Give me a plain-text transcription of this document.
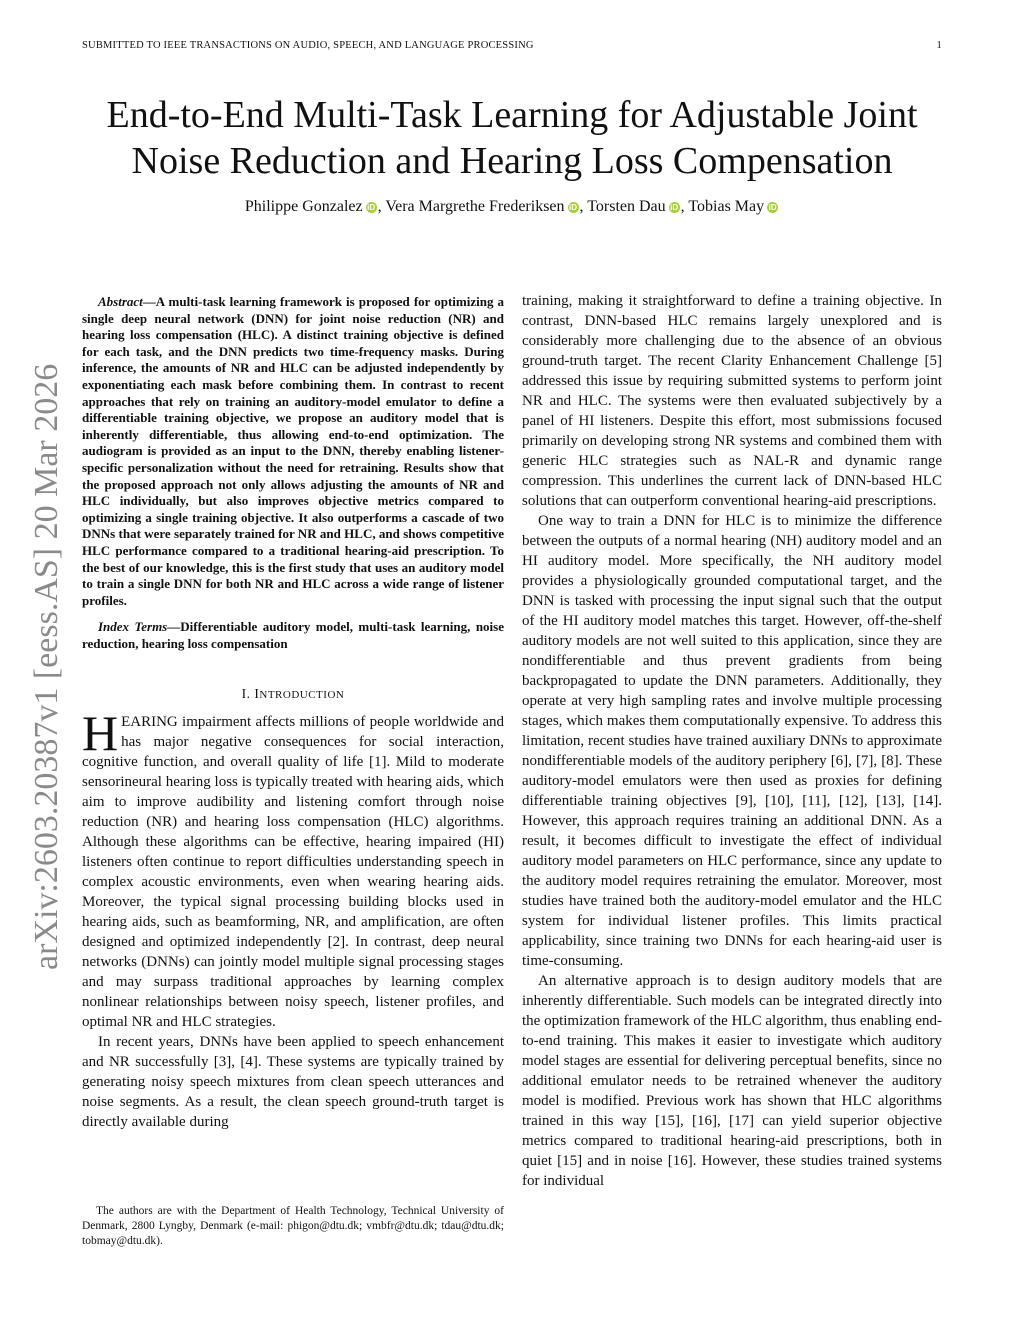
SUBMITTED TO IEEE TRANSACTIONS ON AUDIO, SPEECH, AND LANGUAGE PROCESSING	1
End-to-End Multi-Task Learning for Adjustable Joint
Noise Reduction and Hearing Loss Compensation
Philippe Gonzalez iD , Vera Margrethe Frederiksen iD , Torsten Dau iD , Tobias May iD
arXiv:2603.20387v1 [eess.AS] 20 Mar 2026

Abstract—A multi-task learning framework is proposed for optimizing a single deep neural network (DNN) for joint noise reduction (NR) and hearing loss compensation (HLC). A distinct training objective is defined for each task, and the DNN predicts two time-frequency masks. During inference, the amounts of NR and HLC can be adjusted independently by exponentiating each mask before combining them. In contrast to recent approaches that rely on training an auditory-model emulator to define a differentiable training objective, we propose an auditory model that is inherently differentiable, thus allowing end-to-end optimization. The audiogram is provided as an input to the DNN, thereby enabling listener-specific personalization without the need for retraining. Results show that the proposed approach not only allows adjusting the amounts of NR and HLC individually, but also improves objective metrics compared to optimizing a single training objective. It also outperforms a cascade of two DNNs that were separately trained for NR and HLC, and shows competitive HLC performance compared to a traditional hearing-aid prescription. To the best of our knowledge, this is the first study that uses an auditory model to train a single DNN for both NR and HLC across a wide range of listener profiles.

Index Terms—Differentiable auditory model, multi-task learning, noise reduction, hearing loss compensation

I. INTRODUCTION

HEARING impairment affects millions of people worldwide and has major negative consequences for social interaction, cognitive function, and overall quality of life [1]. Mild to moderate sensorineural hearing loss is typically treated with hearing aids, which aim to improve audibility and listening comfort through noise reduction (NR) and hearing loss compensation (HLC) algorithms. Although these algorithms can be effective, hearing impaired (HI) listeners often continue to report difficulties understanding speech in complex acoustic environments, even when wearing hearing aids. Moreover, the typical signal processing building blocks used in hearing aids, such as beamforming, NR, and amplification, are often designed and optimized independently [2]. In contrast, deep neural networks (DNNs) can jointly model multiple signal processing stages and may surpass traditional approaches by learning complex nonlinear relationships between noisy speech, listener profiles, and optimal NR and HLC strategies.

In recent years, DNNs have been applied to speech enhancement and NR successfully [3], [4]. These systems are typically trained by generating noisy speech mixtures from clean speech utterances and noise segments. As a result, the clean speech ground-truth target is directly available during

The authors are with the Department of Health Technology, Technical University of Denmark, 2800 Lyngby, Denmark (e-mail: phigon@dtu.dk; vmbfr@dtu.dk; tdau@dtu.dk; tobmay@dtu.dk).

training, making it straightforward to define a training objective. In contrast, DNN-based HLC remains largely unexplored and is considerably more challenging due to the absence of an obvious ground-truth target. The recent Clarity Enhancement Challenge [5] addressed this issue by requiring submitted systems to perform joint NR and HLC. The systems were then evaluated subjectively by a panel of HI listeners. Despite this effort, most submissions focused primarily on developing strong NR systems and combined them with generic HLC strategies such as NAL-R and dynamic range compression. This underlines the current lack of DNN-based HLC solutions that can outperform conventional hearing-aid prescriptions.

One way to train a DNN for HLC is to minimize the difference between the outputs of a normal hearing (NH) auditory model and an HI auditory model. More specifically, the NH auditory model provides a physiologically grounded computational target, and the DNN is tasked with processing the input signal such that the output of the HI auditory model matches this target. However, off-the-shelf auditory models are not well suited to this application, since they are nondifferentiable and thus prevent gradients from being backpropagated to update the DNN parameters. Additionally, they operate at very high sampling rates and involve multiple processing stages, which makes them computationally expensive. To address this limitation, recent studies have trained auxiliary DNNs to approximate nondifferentiable models of the auditory periphery [6], [7], [8]. These auditory-model emulators were then used as proxies for defining differentiable training objectives [9], [10], [11], [12], [13], [14]. However, this approach requires training an additional DNN. As a result, it becomes difficult to investigate the effect of individual auditory model parameters on HLC performance, since any update to the auditory model requires retraining the emulator. Moreover, most studies have trained both the auditory-model emulator and the HLC system for individual listener profiles. This limits practical applicability, since training two DNNs for each hearing-aid user is time-consuming.

An alternative approach is to design auditory models that are inherently differentiable. Such models can be integrated directly into the optimization framework of the HLC algorithm, thus enabling end-to-end training. This makes it easier to investigate which auditory model stages are essential for delivering perceptual benefits, since no additional emulator needs to be retrained whenever the auditory model is modified. Previous work has shown that HLC algorithms trained in this way [15], [16], [17] can yield superior objective metrics compared to traditional hearing-aid prescriptions, both in quiet [15] and in noise [16]. However, these studies trained systems for individual
